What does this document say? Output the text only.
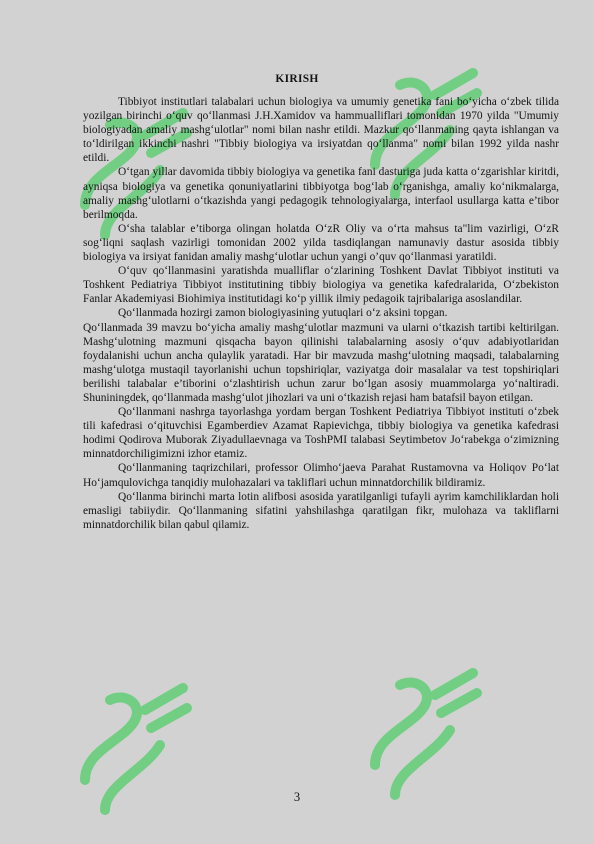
KIRISH

Tibbiyot institutlari talabalari uchun biologiya va umumiy genetika fani bo‘yicha o‘zbek tilida yozilgan birinchi o‘quv qo‘llanmasi J.H.Xamidov va hammualliflari tomonidan 1970 yilda "Umumiy biologiyadan amaliy mashg‘ulotlar" nomi bilan nashr etildi. Mazkur qo‘llanmaning qayta ishlangan va to‘ldirilgan ikkinchi nashri "Tibbiy biologiya va irsiyatdan qo‘llanma" nomi bilan 1992 yilda nashr etildi.

O‘tgan yillar davomida tibbiy biologiya va genetika fani dasturiga juda katta o‘zgarishlar kiritdi, ayniqsa biologiya va genetika qonuniyatlarini tibbiyotga bog‘lab o‘rganishga, amaliy ko‘nikmalarga, amaliy mashg‘ulotlarni o‘tkazishda yangi pedagogik tehnologiyalarga, interfaol usullarga katta e’tibor berilmoqda.

O‘sha talablar e’tiborga olingan holatda O‘zR Oliy va o‘rta mahsus ta"lim vazirligi, O‘zR sog‘liqni saqlash vazirligi tomonidan 2002 yilda tasdiqlangan namunaviy dastur asosida tibbiy biologiya va irsiyat fanidan amaliy mashg‘ulotlar uchun yangi o’quv qo‘llanmasi yaratildi.

O‘quv qo‘llanmasini yaratishda mualliflar o‘zlarining Toshkent Davlat Tibbiyot instituti va Toshkent Pediatriya Tibbiyot institutining tibbiy biologiya va genetika kafedralarida, O‘zbekiston Fanlar Akademiyasi Biohimiya institutidagi ko‘p yillik ilmiy pedagoik tajribalariga asoslandilar.

Qo‘llanmada hozirgi zamon biologiyasining yutuqlari o‘z aksini topgan.

Qo‘llanmada 39 mavzu bo‘yicha amaliy mashg‘ulotlar mazmuni va ularni o‘tkazish tartibi keltirilgan. Mashg‘ulotning mazmuni qisqacha bayon qilinishi talabalarning asosiy o‘quv adabiyotlaridan foydalanishi uchun ancha qulaylik yaratadi. Har bir mavzuda mashg‘ulotning maqsadi, talabalarning mashg‘ulotga mustaqil tayorlanishi uchun topshiriqlar, vaziyatga doir masalalar va test topshiriqlari berilishi talabalar e’tiborini o‘zlashtirish uchun zarur bo‘lgan asosiy muammolarga yo‘naltiradi. Shuniningdek, qo‘llanmada mashg‘ulot jihozlari va uni o‘tkazish rejasi ham batafsil bayon etilgan.

Qo‘llanmani nashrga tayorlashga yordam bergan Toshkent Pediatriya Tibbiyot instituti o‘zbek tili kafedrasi o‘qituvchisi Egamberdiev Azamat Rapievichga, tibbiy biologiya va genetika kafedrasi hodimi Qodirova Muborak Ziyadullaevnaga va ToshPMI talabasi Seytimbetov Jo‘rabekga o‘zimizning minnatdorchiligimizni izhor etamiz.

Qo‘llanmaning taqrizchilari, professor Olimho‘jaeva Parahat Rustamovna va Holiqov Po‘lat Ho‘jamqulovichga tanqidiy mulohazalari va takliflari uchun minnatdorchilik bildiramiz.

Qo‘llanma birinchi marta lotin alifbosi asosida yaratilganligi tufayli ayrim kamchiliklardan holi emasligi tabiiydir. Qo‘llanmaning sifatini yahshilashga qaratilgan fikr, mulohaza va takliflarni minnatdorchilik bilan qabul qilamiz.

3
